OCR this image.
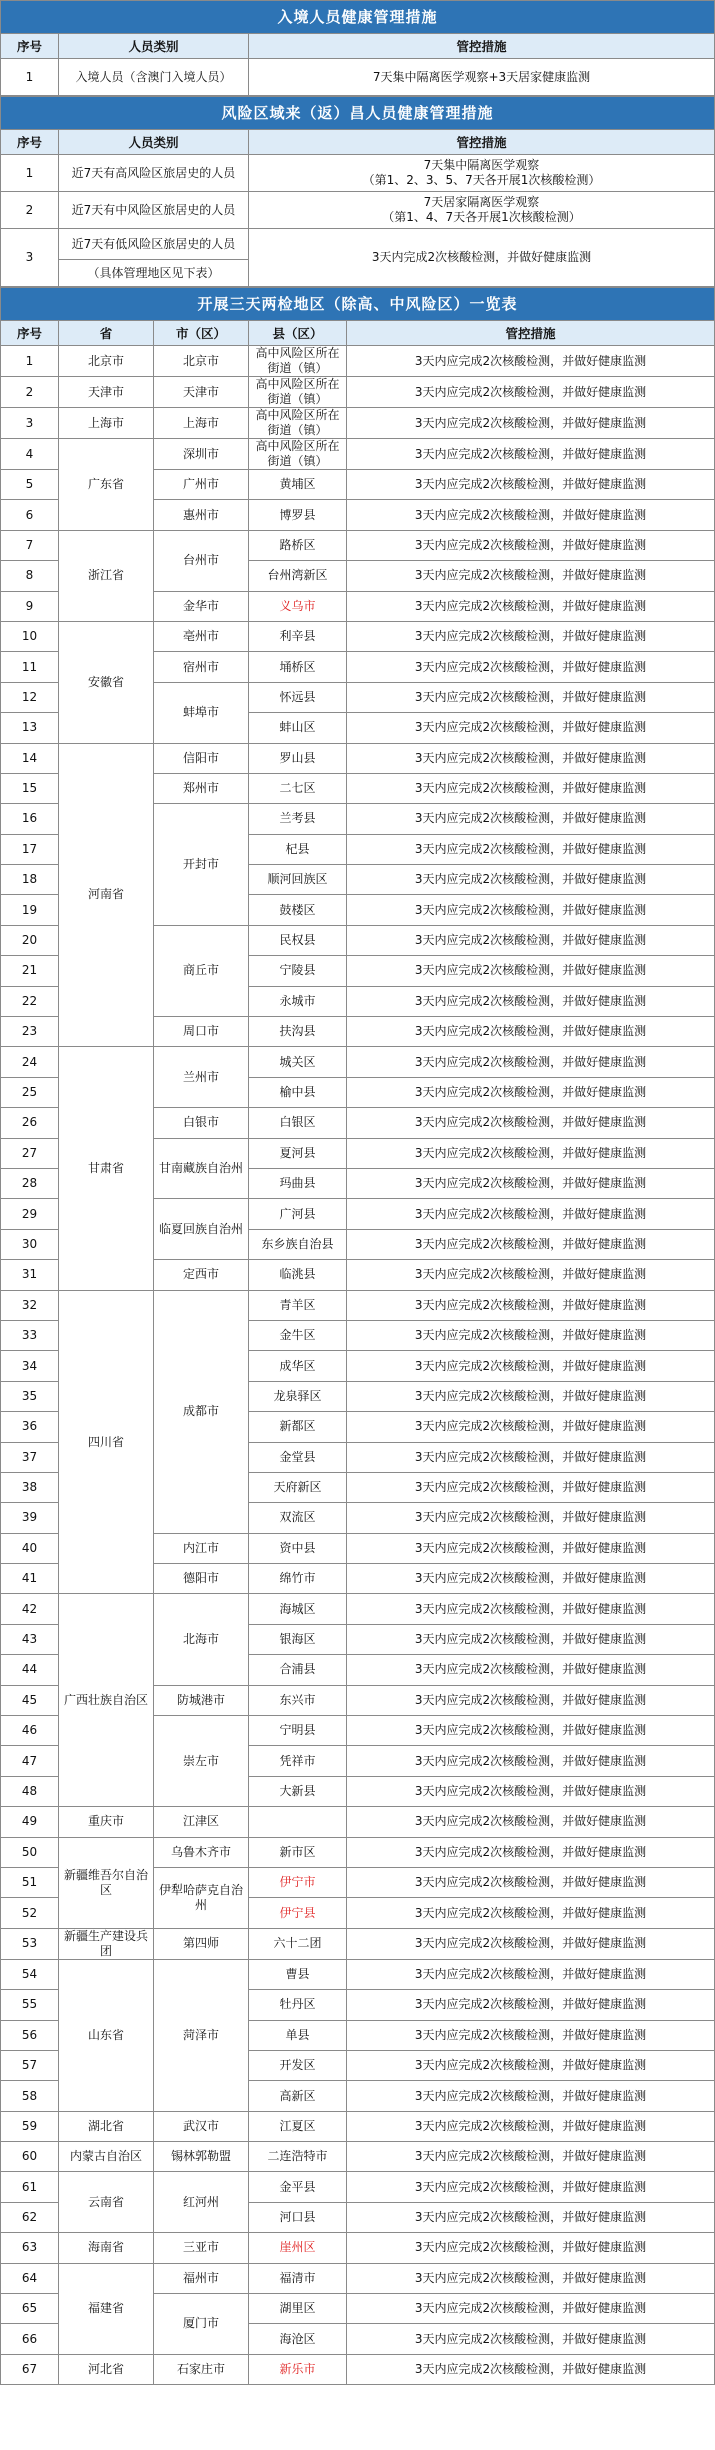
入境人员健康管理措施		
序号	人员类别	管控措施
1	入境人员（含澳门入境人员）	7天集中隔离医学观察+3天居家健康监测
风险区域来（返）昌人员健康管理措施		
序号	人员类别	管控措施
1	近7天有高风险区旅居史的人员	7天集中隔离医学观察
（第1、2、3、5、7天各开展1次核酸检测）

2	近7天有中风险区旅居史的人员	7天居家隔离医学观察
（第1、4、7天各开展1次核酸检测）

3	近7天有低风险区旅居史的人员	3天内完成2次核酸检测，并做好健康监测
	（具体管理地区见下表）	
开展三天两检地区（除高、中风险区）一览表				
序号	省	市（区）	县（区）	管控措施
1	北京市	北京市	高中风险区所在街道（镇）	3天内应完成2次核酸检测，并做好健康监测
2	天津市	天津市	高中风险区所在街道（镇）	3天内应完成2次核酸检测，并做好健康监测
3	上海市	上海市	高中风险区所在街道（镇）	3天内应完成2次核酸检测，并做好健康监测
4	广东省	深圳市	高中风险区所在街道（镇）	3天内应完成2次核酸检测，并做好健康监测
5		广州市	黄埔区	3天内应完成2次核酸检测，并做好健康监测
6		惠州市	博罗县	3天内应完成2次核酸检测，并做好健康监测
7	浙江省	台州市	路桥区	3天内应完成2次核酸检测，并做好健康监测
8			台州湾新区	3天内应完成2次核酸检测，并做好健康监测
9		金华市	义乌市	3天内应完成2次核酸检测，并做好健康监测
10	安徽省	亳州市	利辛县	3天内应完成2次核酸检测，并做好健康监测
11		宿州市	埇桥区	3天内应完成2次核酸检测，并做好健康监测
12		蚌埠市	怀远县	3天内应完成2次核酸检测，并做好健康监测
13			蚌山区	3天内应完成2次核酸检测，并做好健康监测
14	河南省	信阳市	罗山县	3天内应完成2次核酸检测，并做好健康监测
15		郑州市	二七区	3天内应完成2次核酸检测，并做好健康监测
16		开封市	兰考县	3天内应完成2次核酸检测，并做好健康监测
17			杞县	3天内应完成2次核酸检测，并做好健康监测
18			顺河回族区	3天内应完成2次核酸检测，并做好健康监测
19			鼓楼区	3天内应完成2次核酸检测，并做好健康监测
20		商丘市	民权县	3天内应完成2次核酸检测，并做好健康监测
21			宁陵县	3天内应完成2次核酸检测，并做好健康监测
22			永城市	3天内应完成2次核酸检测，并做好健康监测
23		周口市	扶沟县	3天内应完成2次核酸检测，并做好健康监测
24	甘肃省	兰州市	城关区	3天内应完成2次核酸检测，并做好健康监测
25			榆中县	3天内应完成2次核酸检测，并做好健康监测
26		白银市	白银区	3天内应完成2次核酸检测，并做好健康监测
27		甘南藏族自治州	夏河县	3天内应完成2次核酸检测，并做好健康监测
28			玛曲县	3天内应完成2次核酸检测，并做好健康监测
29		临夏回族自治州	广河县	3天内应完成2次核酸检测，并做好健康监测
30			东乡族自治县	3天内应完成2次核酸检测，并做好健康监测
31		定西市	临洮县	3天内应完成2次核酸检测，并做好健康监测
32	四川省	成都市	青羊区	3天内应完成2次核酸检测，并做好健康监测
33			金牛区	3天内应完成2次核酸检测，并做好健康监测
34			成华区	3天内应完成2次核酸检测，并做好健康监测
35			龙泉驿区	3天内应完成2次核酸检测，并做好健康监测
36			新都区	3天内应完成2次核酸检测，并做好健康监测
37			金堂县	3天内应完成2次核酸检测，并做好健康监测
38			天府新区	3天内应完成2次核酸检测，并做好健康监测
39			双流区	3天内应完成2次核酸检测，并做好健康监测
40		内江市	资中县	3天内应完成2次核酸检测，并做好健康监测
41		德阳市	绵竹市	3天内应完成2次核酸检测，并做好健康监测
42	广西壮族自治区	北海市	海城区	3天内应完成2次核酸检测，并做好健康监测
43			银海区	3天内应完成2次核酸检测，并做好健康监测
44			合浦县	3天内应完成2次核酸检测，并做好健康监测
45		防城港市	东兴市	3天内应完成2次核酸检测，并做好健康监测
46		崇左市	宁明县	3天内应完成2次核酸检测，并做好健康监测
47			凭祥市	3天内应完成2次核酸检测，并做好健康监测
48			大新县	3天内应完成2次核酸检测，并做好健康监测
49	重庆市	江津区		3天内应完成2次核酸检测，并做好健康监测
50	新疆维吾尔自治区	乌鲁木齐市	新市区	3天内应完成2次核酸检测，并做好健康监测
51		伊犁哈萨克自治州	伊宁市	3天内应完成2次核酸检测，并做好健康监测
52			伊宁县	3天内应完成2次核酸检测，并做好健康监测
53	新疆生产建设兵团	第四师	六十二团	3天内应完成2次核酸检测，并做好健康监测
54	山东省	菏泽市	曹县	3天内应完成2次核酸检测，并做好健康监测
55			牡丹区	3天内应完成2次核酸检测，并做好健康监测
56			单县	3天内应完成2次核酸检测，并做好健康监测
57			开发区	3天内应完成2次核酸检测，并做好健康监测
58			高新区	3天内应完成2次核酸检测，并做好健康监测
59	湖北省	武汉市	江夏区	3天内应完成2次核酸检测，并做好健康监测
60	内蒙古自治区	锡林郭勒盟	二连浩特市	3天内应完成2次核酸检测，并做好健康监测
61	云南省	红河州	金平县	3天内应完成2次核酸检测，并做好健康监测
62			河口县	3天内应完成2次核酸检测，并做好健康监测
63	海南省	三亚市	崖州区	3天内应完成2次核酸检测，并做好健康监测
64	福建省	福州市	福清市	3天内应完成2次核酸检测，并做好健康监测
65		厦门市	湖里区	3天内应完成2次核酸检测，并做好健康监测
66			海沧区	3天内应完成2次核酸检测，并做好健康监测
67	河北省	石家庄市	新乐市	3天内应完成2次核酸检测，并做好健康监测
